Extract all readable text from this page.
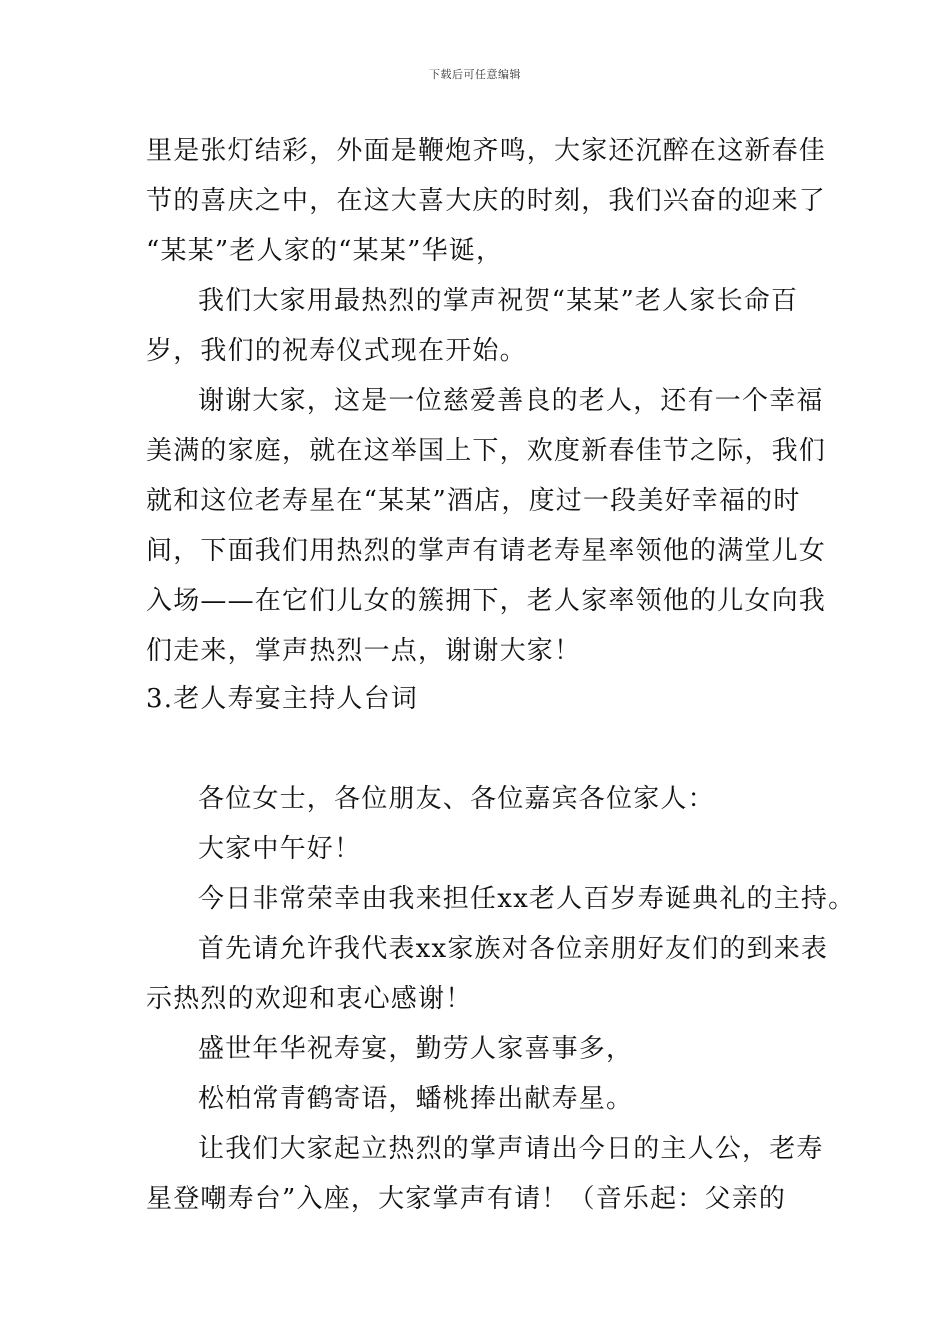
下载后可任意编辑
里是张灯结彩，外面是鞭炮齐鸣，大家还沉醉在这新春佳
节的喜庆之中，在这大喜大庆的时刻，我们兴奋的迎来了
“某某”老人家的“某某”华诞，
我们大家用最热烈的掌声祝贺“某某”老人家长命百
岁，我们的祝寿仪式现在开始。
谢谢大家，这是一位慈爱善良的老人，还有一个幸福
美满的家庭，就在这举国上下，欢度新春佳节之际，我们
就和这位老寿星在“某某”酒店，度过一段美好幸福的时
间，下面我们用热烈的掌声有请老寿星率领他的满堂儿女
入场——在它们儿女的簇拥下，老人家率领他的儿女向我
们走来，掌声热烈一点，谢谢大家！
3.老人寿宴主持人台词
各位女士，各位朋友、各位嘉宾各位家人：
大家中午好！
今日非常荣幸由我来担任xx老人百岁寿诞典礼的主持。
首先请允许我代表xx家族对各位亲朋好友们的到来表
示热烈的欢迎和衷心感谢！
盛世年华祝寿宴，勤劳人家喜事多，
松柏常青鹤寄语，蟠桃捧出献寿星。
让我们大家起立热烈的掌声请出今日的主人公，老寿
星登嘲寿台”入座，大家掌声有请！（音乐起：父亲的
